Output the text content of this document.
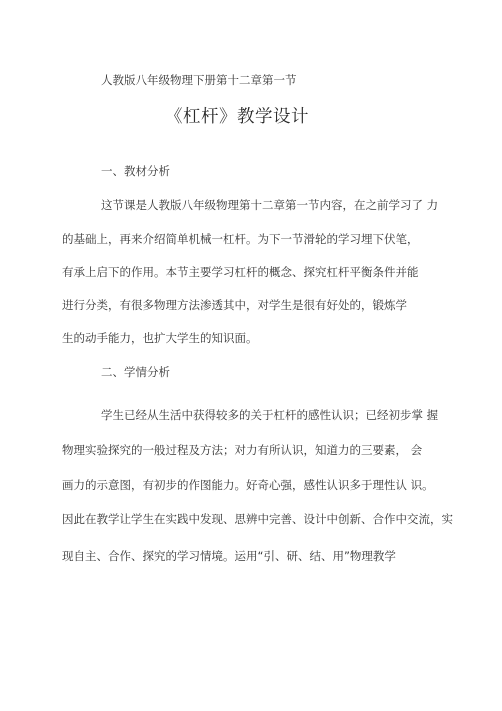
人教版八年级物理下册第十二章第一节
《杠杆》教学设计
一、教材分析
这节课是人教版八年级物理第十二章第一节内容，在之前学习了 力
的基础上，再来介绍简单机械一杠杆。为下一节滑轮的学习埋下伏笔，
有承上启下的作用。本节主要学习杠杆的概念、探究杠杆平衡条件并能
进行分类，有很多物理方法渗透其中，对学生是很有好处的，锻炼学
生的动手能力，也扩大学生的知识面。
二、学情分析
学生已经从生活中获得较多的关于杠杆的感性认识；已经初步掌 握
物理实验探究的一般过程及方法；对力有所认识，知道力的三要素， 会
画力的示意图，有初步的作图能力。好奇心强，感性认识多于理性认 识。
因此在教学让学生在实践中发现、思辨中完善、设计中创新、合作中交流，实
现自主、合作、探究的学习情境。运用“引、研、结、用”物理教学
